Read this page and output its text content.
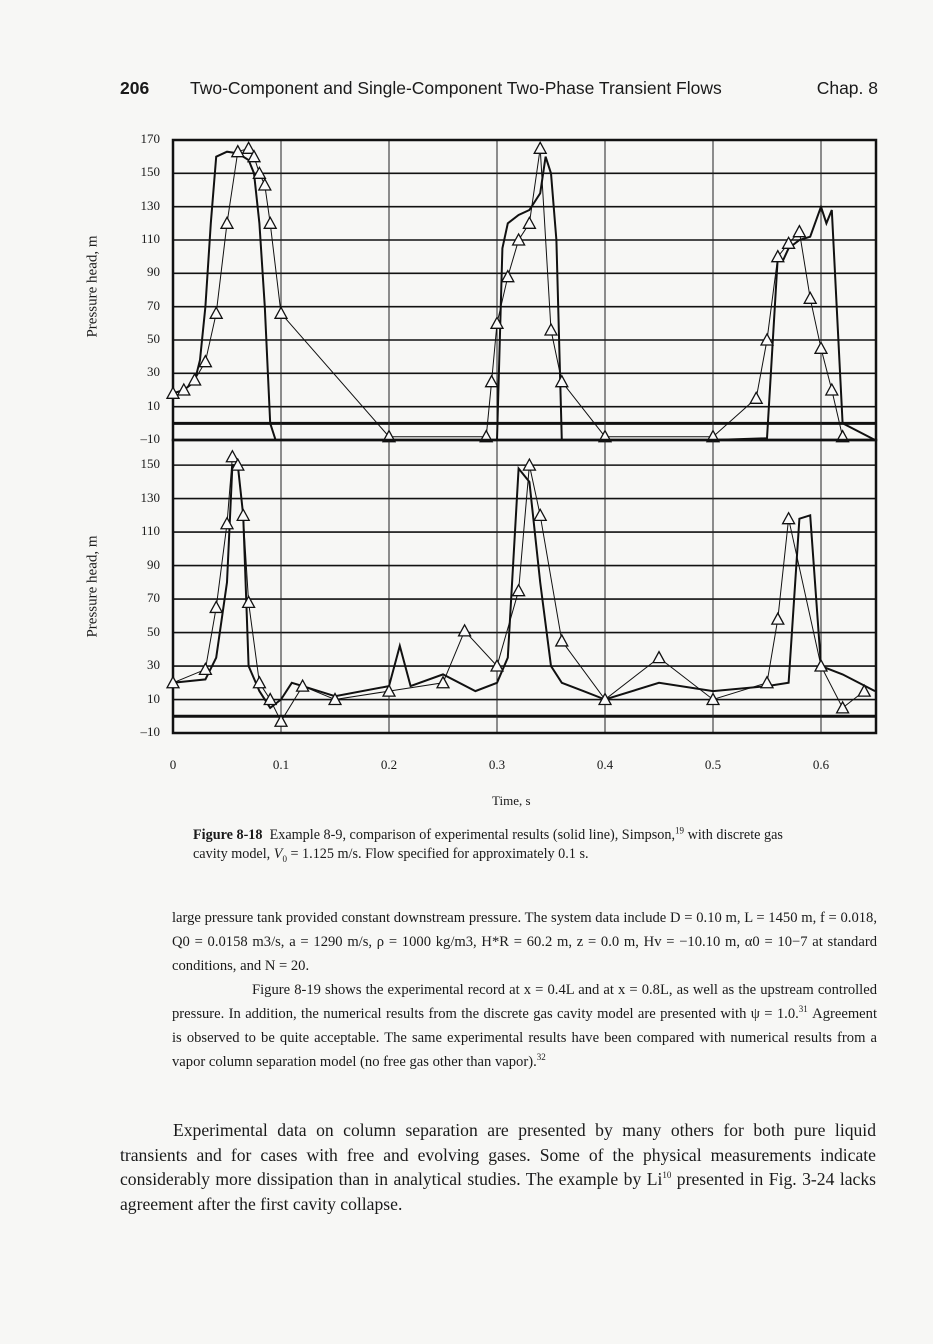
206 Two-Component and Single-Component Two-Phase Transient Flows	Chap. 8
170
150
130
110
90
70
50
30
10
–10
150
130
110
90
70
50
30
10
–10
Pressure head, m
Pressure head, m
0	0.1	0.2	0.3	0.4	0.5	0.6
Time, s
Figure 8-18 Example 8-9, comparison of experimental results (solid line), Simpson,$^{19}$ with discrete gas cavity model, $V_0 = 1.125$ m/s. Flow specified for approximately 0.1 s.

large pressure tank provided constant downstream pressure. The system data include D = 0.10 m, L = 1450 m, f = 0.018, Q0 = 0.0158 m3/s, a = 1290 m/s, ρ = 1000 kg/m3, H*R = 60.2 m, z = 0.0 m, Hv = −10.10 m, α0 = 10−7 at standard conditions, and N = 20.

Figure 8-19 shows the experimental record at x = 0.4L and at x = 0.8L, as well as the upstream controlled pressure. In addition, the numerical results from the discrete gas cavity model are presented with ψ = 1.0.31 Agreement is observed to be quite acceptable. The same experimental results have been compared with numerical results from a vapor column separation model (no free gas other than vapor).$^{32}$

Experimental data on column separation are presented by many others for both pure liquid transients and for cases with free and evolving gases. Some of the physical measurements indicate considerably more dissipation than in analytical studies. The example by Li$^{10}$ presented in Fig. 3-24 lacks agreement after the first cavity collapse.
